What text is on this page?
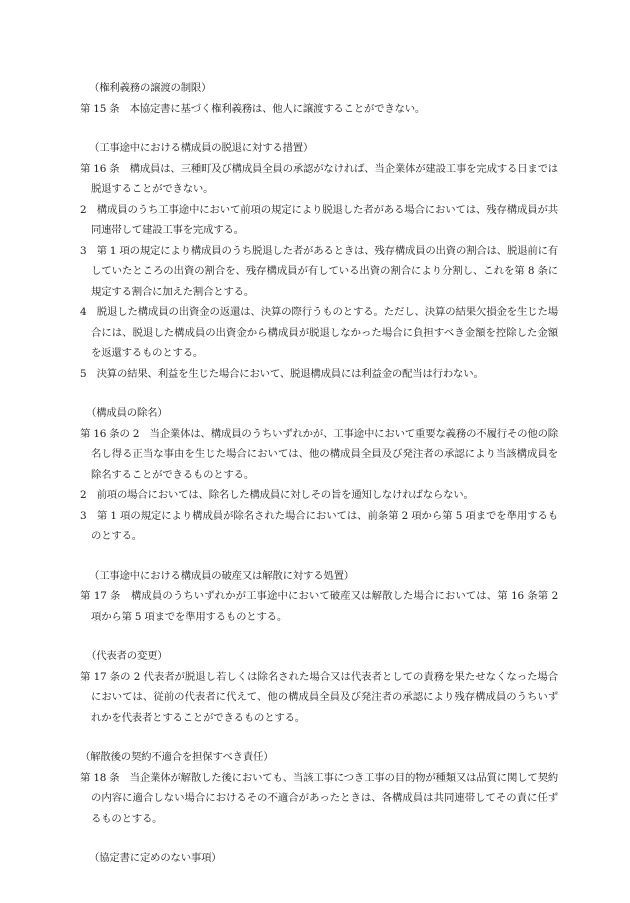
（権利義務の譲渡の制限）
第 15 条　本協定書に基づく権利義務は、他人に譲渡することができない。
（工事途中における構成員の脱退に対する措置）
第 16 条　構成員は、三種町及び構成員全員の承認がなければ、当企業体が建設工事を完成する日までは脱退することができない。
2　構成員のうち工事途中において前項の規定により脱退した者がある場合においては、残存構成員が共同連帯して建設工事を完成する。
3　第 1 項の規定により構成員のうち脱退した者があるときは、残存構成員の出資の割合は、脱退前に有していたところの出資の割合を、残存構成員が有している出資の割合により分割し、これを第 8 条に規定する割合に加えた割合とする。
4　脱退した構成員の出資金の返還は、決算の際行うものとする。ただし、決算の結果欠損金を生じた場合には、脱退した構成員の出資金から構成員が脱退しなかった場合に負担すべき金額を控除した金額を返還するものとする。
5　決算の結果、利益を生じた場合において、脱退構成員には利益金の配当は行わない。
（構成員の除名）
第 16 条の 2　当企業体は、構成員のうちいずれかが、工事途中において重要な義務の不履行その他の除名し得る正当な事由を生じた場合においては、他の構成員全員及び発注者の承認により当該構成員を除名することができるものとする。
2　前項の場合においては、除名した構成員に対しその旨を通知しなければならない。
3　第 1 項の規定により構成員が除名された場合においては、前条第 2 項から第 5 項までを準用するものとする。
（工事途中における構成員の破産又は解散に対する処置）
第 17 条　構成員のうちいずれかが工事途中において破産又は解散した場合においては、第 16 条第 2 項から第 5 項までを準用するものとする。
（代表者の変更）
第 17 条の 2 代表者が脱退し若しくは除名された場合又は代表者としての責務を果たせなくなった場合においては、従前の代表者に代えて、他の構成員全員及び発注者の承認により残存構成員のうちいずれかを代表者とすることができるものとする。
（解散後の契約不適合を担保すべき責任）
第 18 条　当企業体が解散した後においても、当該工事につき工事の目的物が種類又は品質に関して契約の内容に適合しない場合におけるその不適合があったときは、各構成員は共同連帯してその責に任ずるものとする。
（協定書に定めのない事項）
